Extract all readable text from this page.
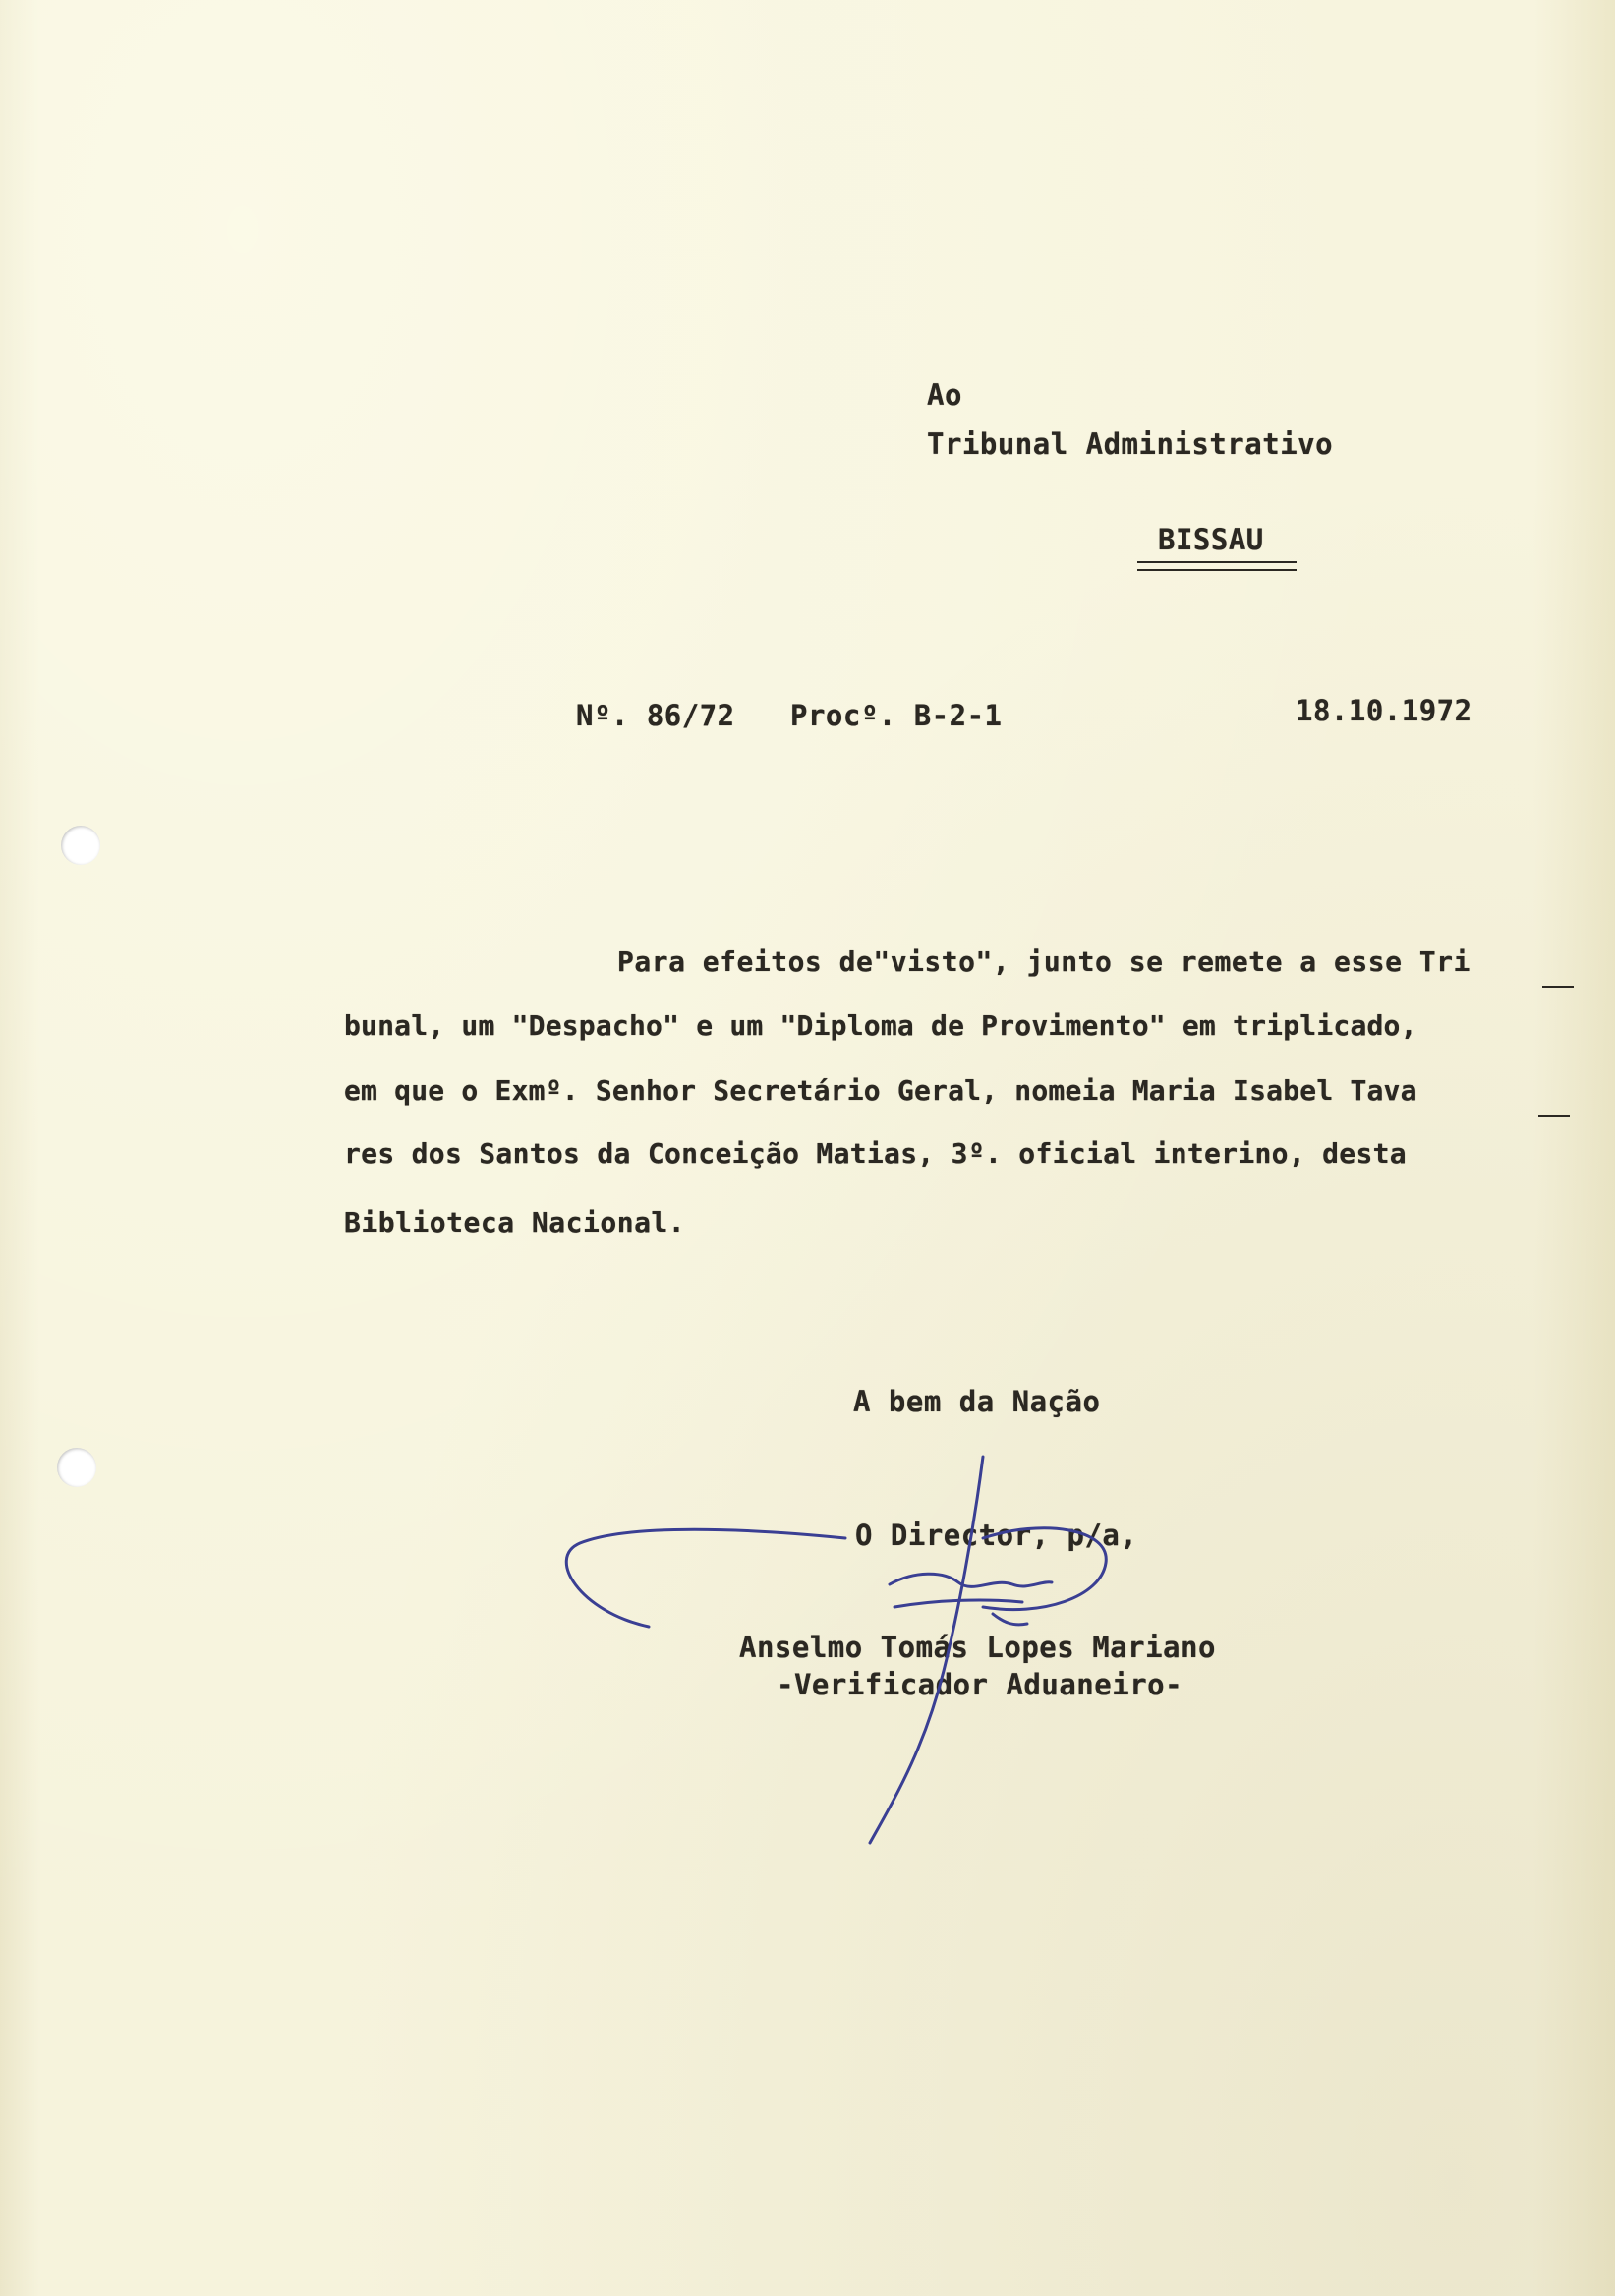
Ao

Tribunal Administrativo

BISSAU

Nº. 86/72 Procº. B-2-1	18.10.1972

Para efeitos de"visto", junto se remete a esse Tri

bunal, um "Despacho" e um "Diploma de Provimento" em triplicado,

em que o Exmº. Senhor Secretário Geral, nomeia Maria Isabel Tava

res dos Santos da Conceição Matias, 3º. oficial interino, desta

Biblioteca Nacional.

A bem da Nação

O Director, p/a,

Anselmo Tomás Lopes Mariano

-Verificador Aduaneiro-
